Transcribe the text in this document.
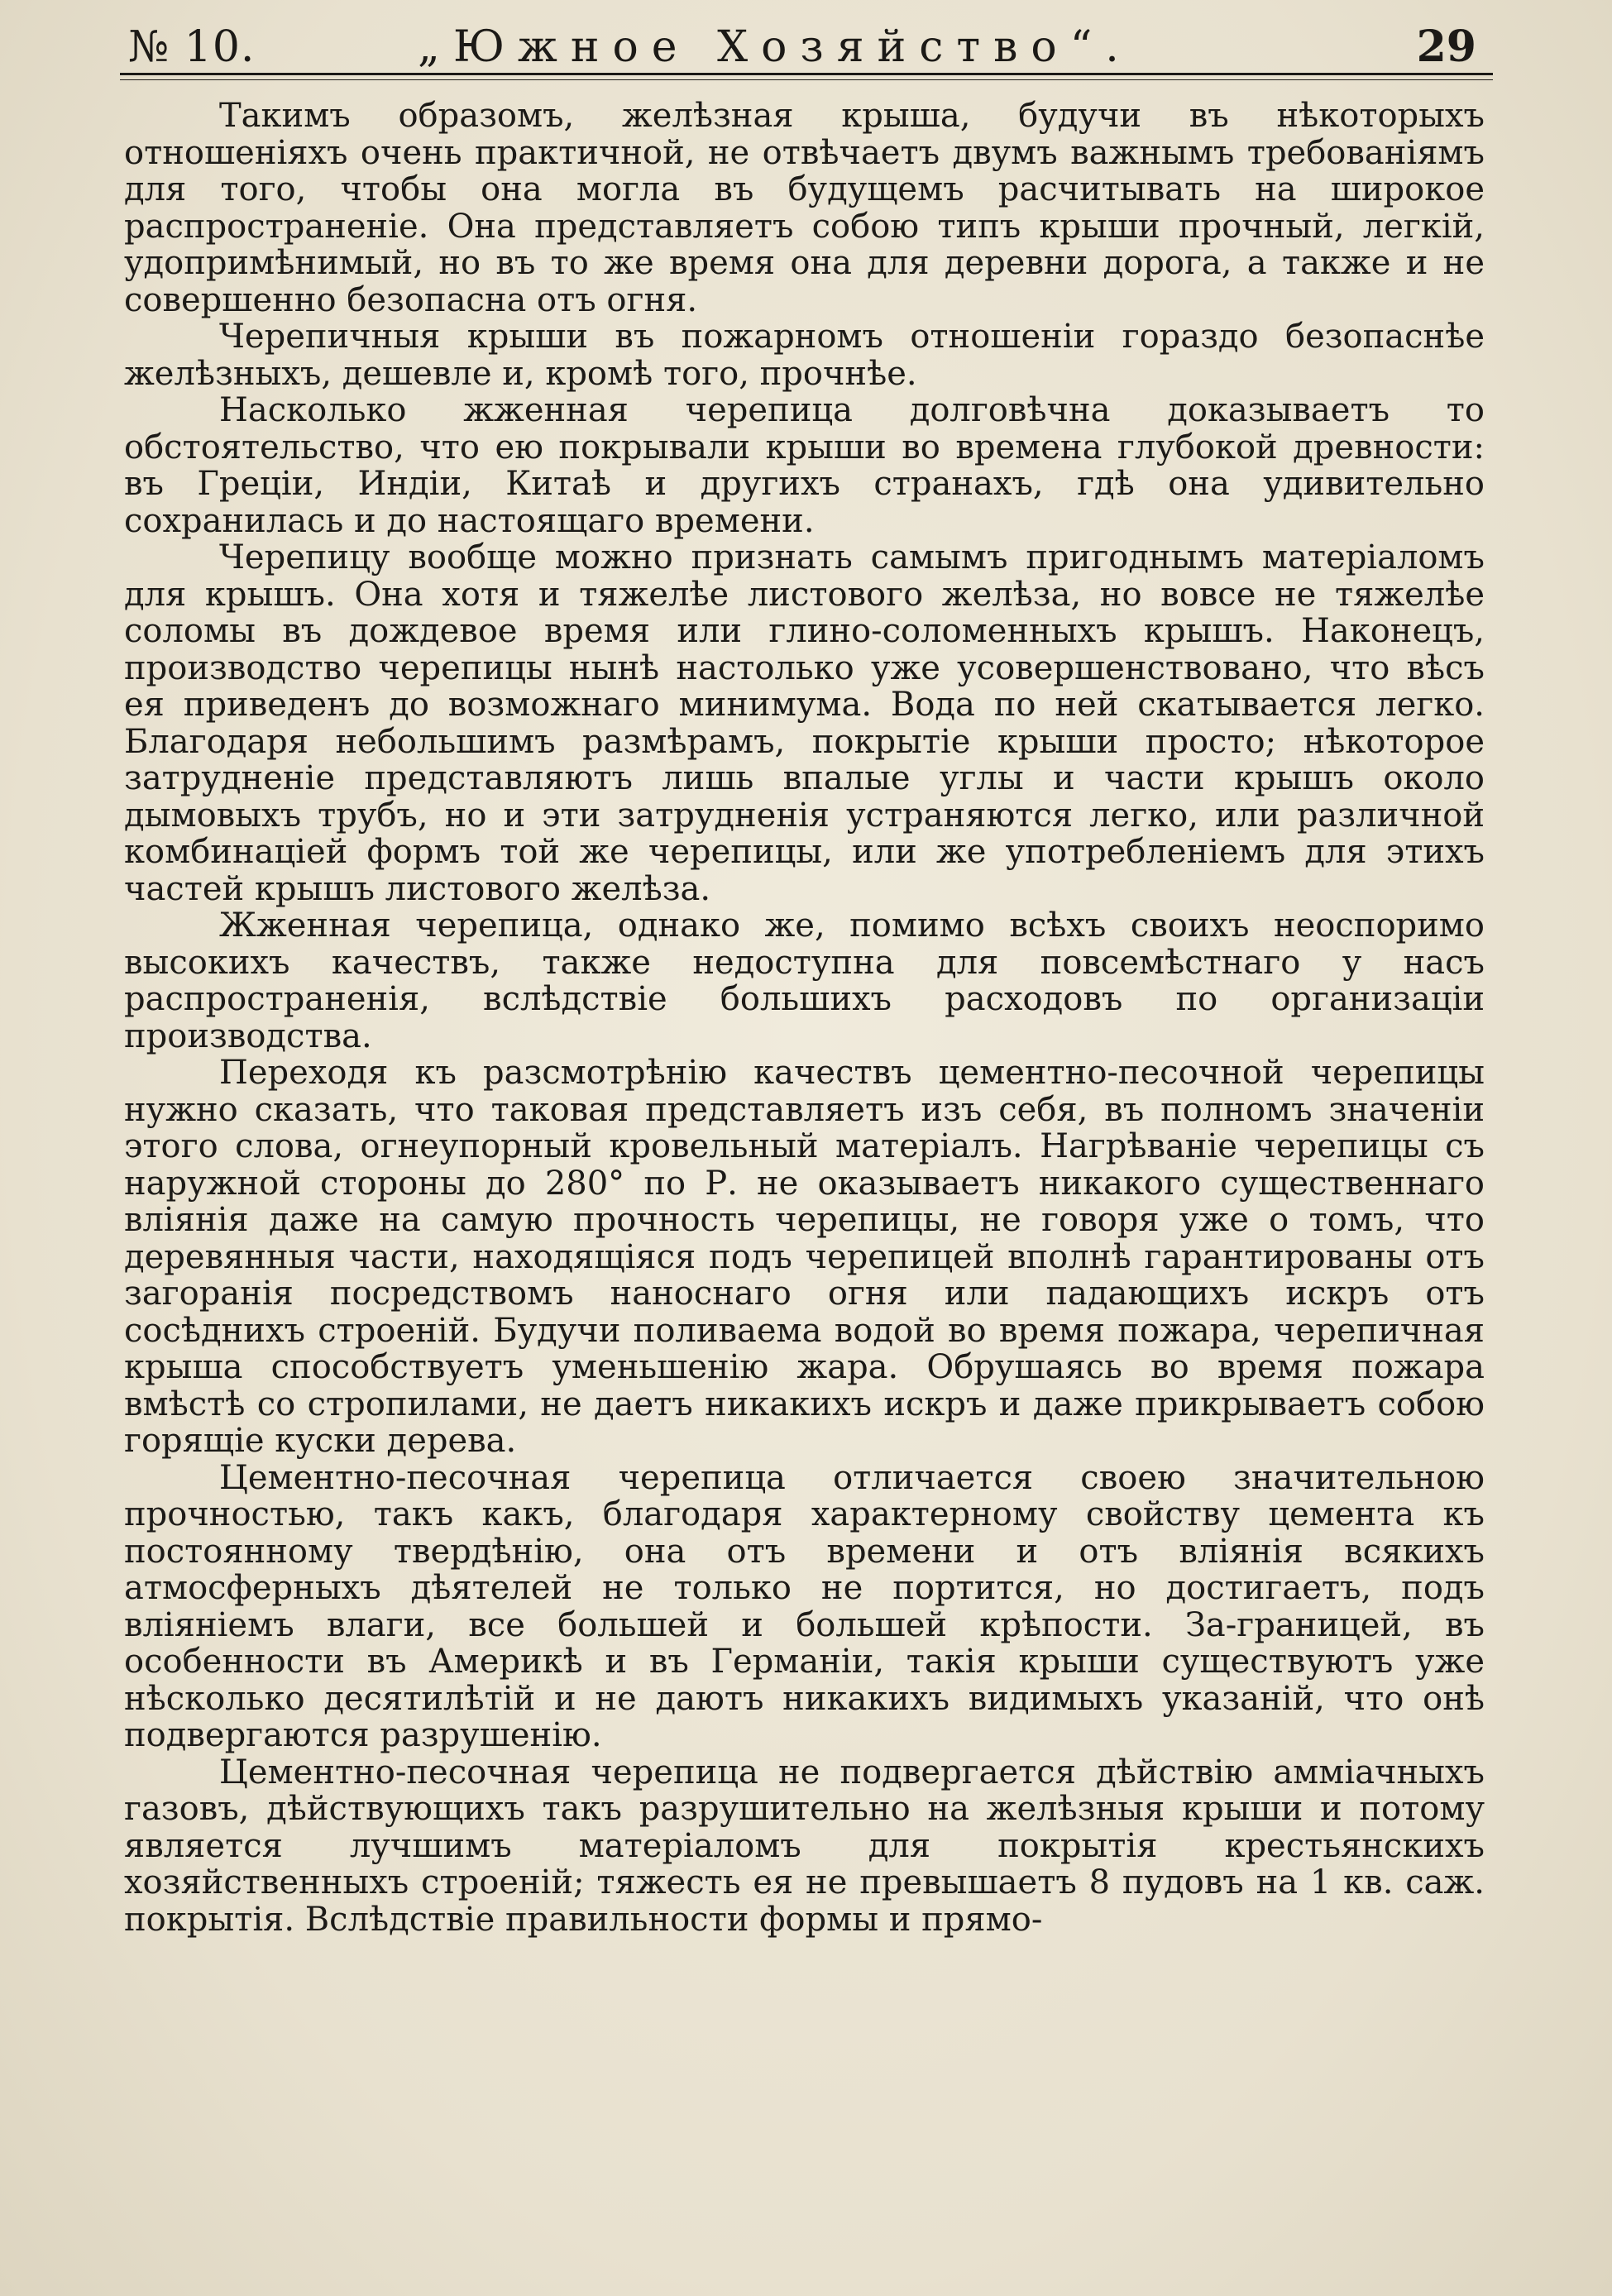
№ 10.	„Южное Хозяйство“.	29

Такимъ образомъ, желѣзная крыша, будучи въ нѣкоторыхъ отношеніяхъ очень практичной, не отвѣчаетъ двумъ важнымъ требованіямъ для того, чтобы она могла въ будущемъ расчитывать на широкое распространеніе. Она представляетъ собою типъ крыши прочный, легкій, удопримѣнимый, но въ то же время она для деревни дорога, а также и не совершенно безопасна отъ огня.

Черепичныя крыши въ пожарномъ отношеніи гораздо безопаснѣе желѣзныхъ, дешевле и, кромѣ того, прочнѣе.

Насколько жженная черепица долговѣчна доказываетъ то обстоятельство, что ею покрывали крыши во времена глубокой древности: въ Греціи, Индіи, Китаѣ и другихъ странахъ, гдѣ она удивительно сохранилась и до настоящаго времени.

Черепицу вообще можно признать самымъ пригоднымъ матеріаломъ для крышъ. Она хотя и тяжелѣе листового желѣза, но вовсе не тяжелѣе соломы въ дождевое время или глино-соломенныхъ крышъ. Наконецъ, производство черепицы нынѣ настолько уже усовершенствовано, что вѣсъ ея приведенъ до возможнаго минимума. Вода по ней скатывается легко. Благодаря небольшимъ размѣрамъ, покрытіе крыши просто; нѣкоторое затрудненіе представляютъ лишь впалые углы и части крышъ около дымовыхъ трубъ, но и эти затрудненія устраняются легко, или различной комбинаціей формъ той же черепицы, или же употребленіемъ для этихъ частей крышъ листового желѣза.

Жженная черепица, однако же, помимо всѣхъ своихъ неоспоримо высокихъ качествъ, также недоступна для повсемѣстнаго у насъ распространенія, вслѣдствіе большихъ расходовъ по организаціи производства.

Переходя къ разсмотрѣнію качествъ цементно-песочной черепицы нужно сказать, что таковая представляетъ изъ себя, въ полномъ значеніи этого слова, огнеупорный кровельный матеріалъ. Нагрѣваніе черепицы съ наружной стороны до 280° по Р. не оказываетъ никакого существеннаго вліянія даже на самую прочность черепицы, не говоря уже о томъ, что деревянныя части, находящіяся подъ черепицей вполнѣ гарантированы отъ загоранія посредствомъ наноснаго огня или падающихъ искръ отъ сосѣднихъ строеній. Будучи поливаема водой во время пожара, черепичная крыша способствуетъ уменьшенію жара. Обрушаясь во время пожара вмѣстѣ со стропилами, не даетъ никакихъ искръ и даже прикрываетъ собою горящіе куски дерева.

Цементно-песочная черепица отличается своею значительною прочностью, такъ какъ, благодаря характерному свойству цемента къ постоянному твердѣнію, она отъ времени и отъ вліянія всякихъ атмосферныхъ дѣятелей не только не портится, но достигаетъ, подъ вліяніемъ влаги, все большей и большей крѣпости. За-границей, въ особенности въ Америкѣ и въ Германіи, такія крыши существуютъ уже нѣсколько десятилѣтій и не даютъ никакихъ видимыхъ указаній, что онѣ подвергаются разрушенію.

Цементно-песочная черепица не подвергается дѣйствію аммiачныхъ газовъ, дѣйствующихъ такъ разрушительно на желѣзныя крыши и потому является лучшимъ матеріаломъ для покрытія крестьянскихъ хозяйственныхъ строеній; тяжесть ея не превышаетъ 8 пудовъ на 1 кв. саж. покрытія. Вслѣдствіе правильности формы и прямо-
